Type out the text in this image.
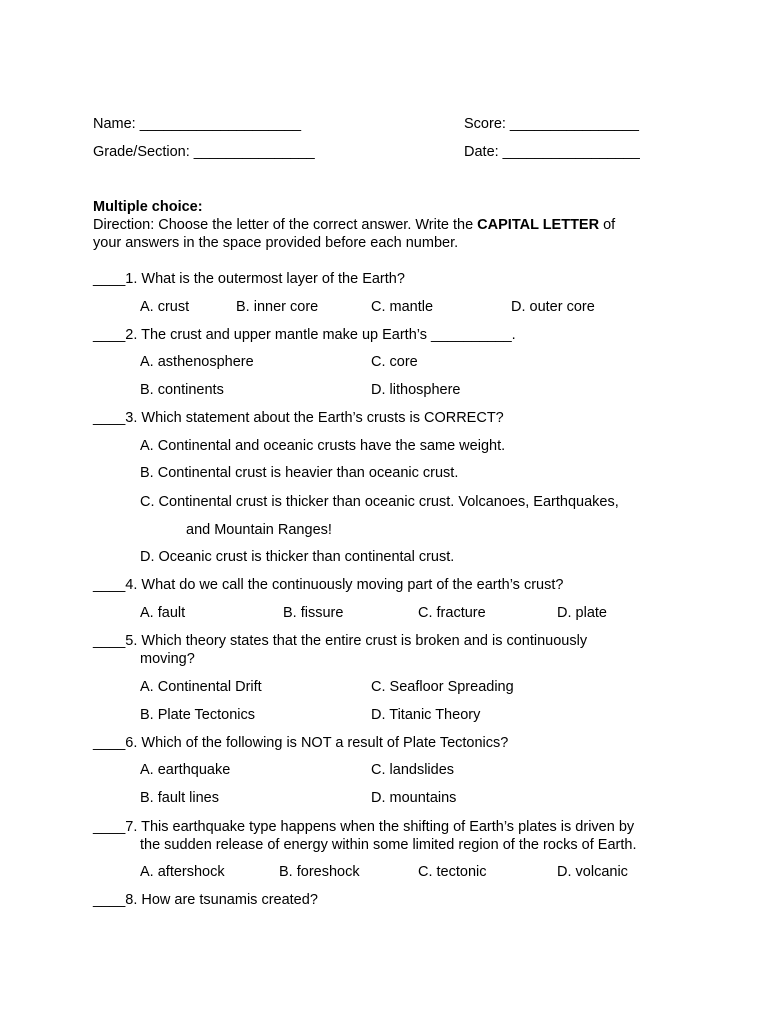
Name: ____________________	Score: ________________
Grade/Section: _______________	Date: _________________
Multiple choice:
Direction: Choose the letter of the correct answer. Write the CAPITAL LETTER of
your answers in the space provided before each number.
____1. What is the outermost layer of the Earth?
A. crust	B. inner core	C. mantle	D. outer core
____2. The crust and upper mantle make up Earth’s __________.
A. asthenosphere	C. core
B. continents	D. lithosphere
____3. Which statement about the Earth’s crusts is CORRECT?
A. Continental and oceanic crusts have the same weight.
B. Continental crust is heavier than oceanic crust.
C. Continental crust is thicker than oceanic crust. Volcanoes, Earthquakes,
and Mountain Ranges!
D. Oceanic crust is thicker than continental crust.
____4. What do we call the continuously moving part of the earth’s crust?
A. fault	B. fissure	C. fracture	D. plate
____5. Which theory states that the entire crust is broken and is continuously
moving?
A. Continental Drift	C. Seafloor Spreading
B. Plate Tectonics	D. Titanic Theory
____6. Which of the following is NOT a result of Plate Tectonics?
A. earthquake	C. landslides
B. fault lines	D. mountains
____7. This earthquake type happens when the shifting of Earth’s plates is driven by
the sudden release of energy within some limited region of the rocks of Earth.
A. aftershock	B. foreshock	C. tectonic	D. volcanic
____8. How are tsunamis created?
